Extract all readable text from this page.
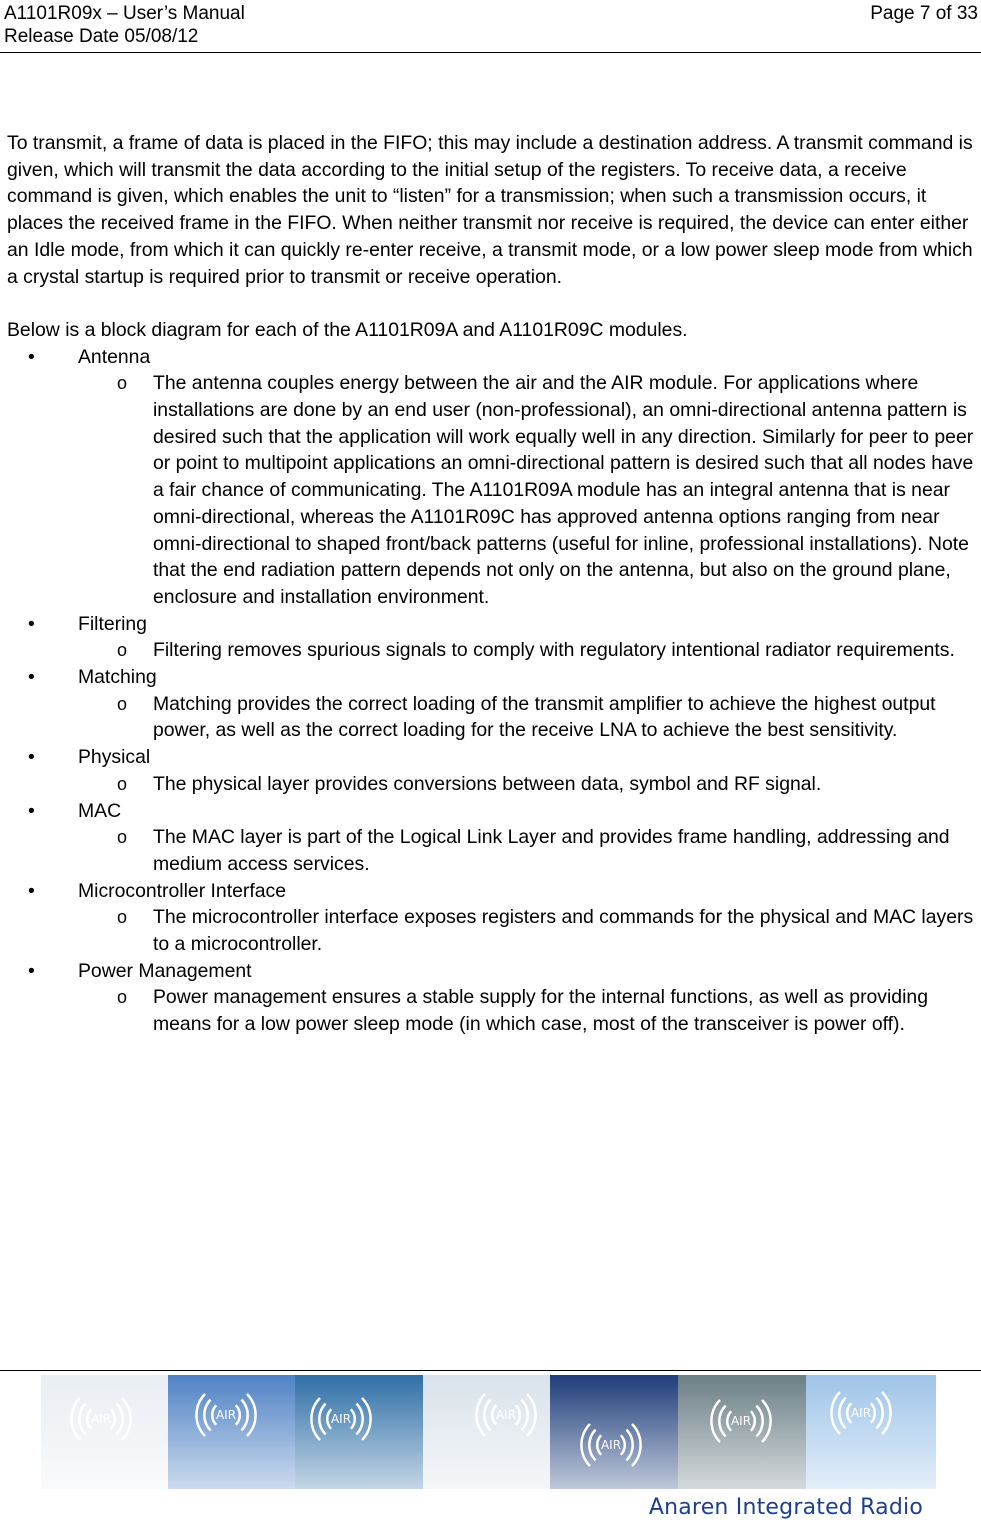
A1101R09x – User’s Manual
Release Date 05/08/12
Page 7 of 33

To transmit, a frame of data is placed in the FIFO; this may include a destination address. A transmit command is given, which will transmit the data according to the initial setup of the registers. To receive data, a receive command is given, which enables the unit to “listen” for a transmission; when such a transmission occurs, it places the received frame in the FIFO. When neither transmit nor receive is required, the device can enter either an Idle mode, from which it can quickly re-enter receive, a transmit mode, or a low power sleep mode from which a crystal startup is required prior to transmit or receive operation.

Below is a block diagram for each of the A1101R09A and A1101R09C modules.

• Antenna
o The antenna couples energy between the air and the AIR module. For applications where installations are done by an end user (non-professional), an omni-directional antenna pattern is desired such that the application will work equally well in any direction. Similarly for peer to peer or point to multipoint applications an omni-directional pattern is desired such that all nodes have a fair chance of communicating. The A1101R09A module has an integral antenna that is near omni-directional, whereas the A1101R09C has approved antenna options ranging from near omni-directional to shaped front/back patterns (useful for inline, professional installations). Note that the end radiation pattern depends not only on the antenna, but also on the ground plane, enclosure and installation environment.
• Filtering
o Filtering removes spurious signals to comply with regulatory intentional radiator requirements.
• Matching
o Matching provides the correct loading of the transmit amplifier to achieve the highest output power, as well as the correct loading for the receive LNA to achieve the best sensitivity.
• Physical
o The physical layer provides conversions between data, symbol and RF signal.
• MAC
o The MAC layer is part of the Logical Link Layer and provides frame handling, addressing and medium access services.
• Microcontroller Interface
o The microcontroller interface exposes registers and commands for the physical and MAC layers to a microcontroller.
• Power Management
o Power management ensures a stable supply for the internal functions, as well as providing means for a low power sleep mode (in which case, most of the transceiver is power off).
AIR	AIR	AIR	AIR
AIR
AIR
AIR
Anaren Integrated Radio
